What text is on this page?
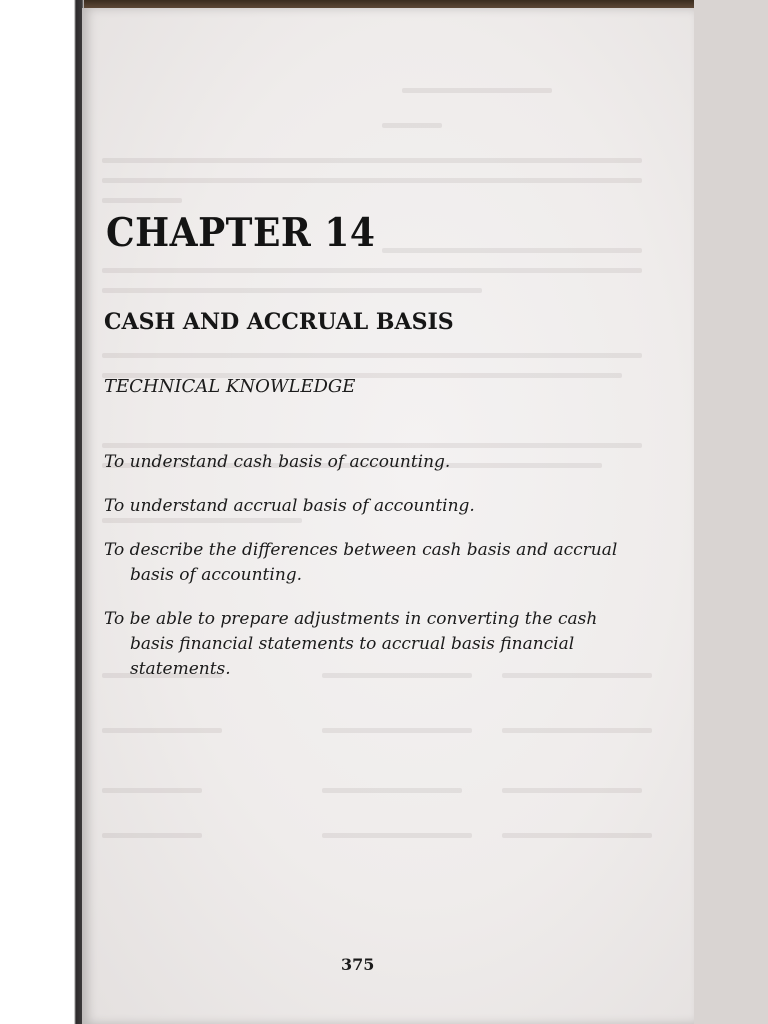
CHAPTER 14
CASH AND ACCRUAL BASIS
TECHNICAL KNOWLEDGE
To understand cash basis of accounting.
To understand accrual basis of accounting.
To describe the differences between cash basis and accrual basis of accounting.
To be able to prepare adjustments in converting the cash basis financial statements to accrual basis financial statements.
375
